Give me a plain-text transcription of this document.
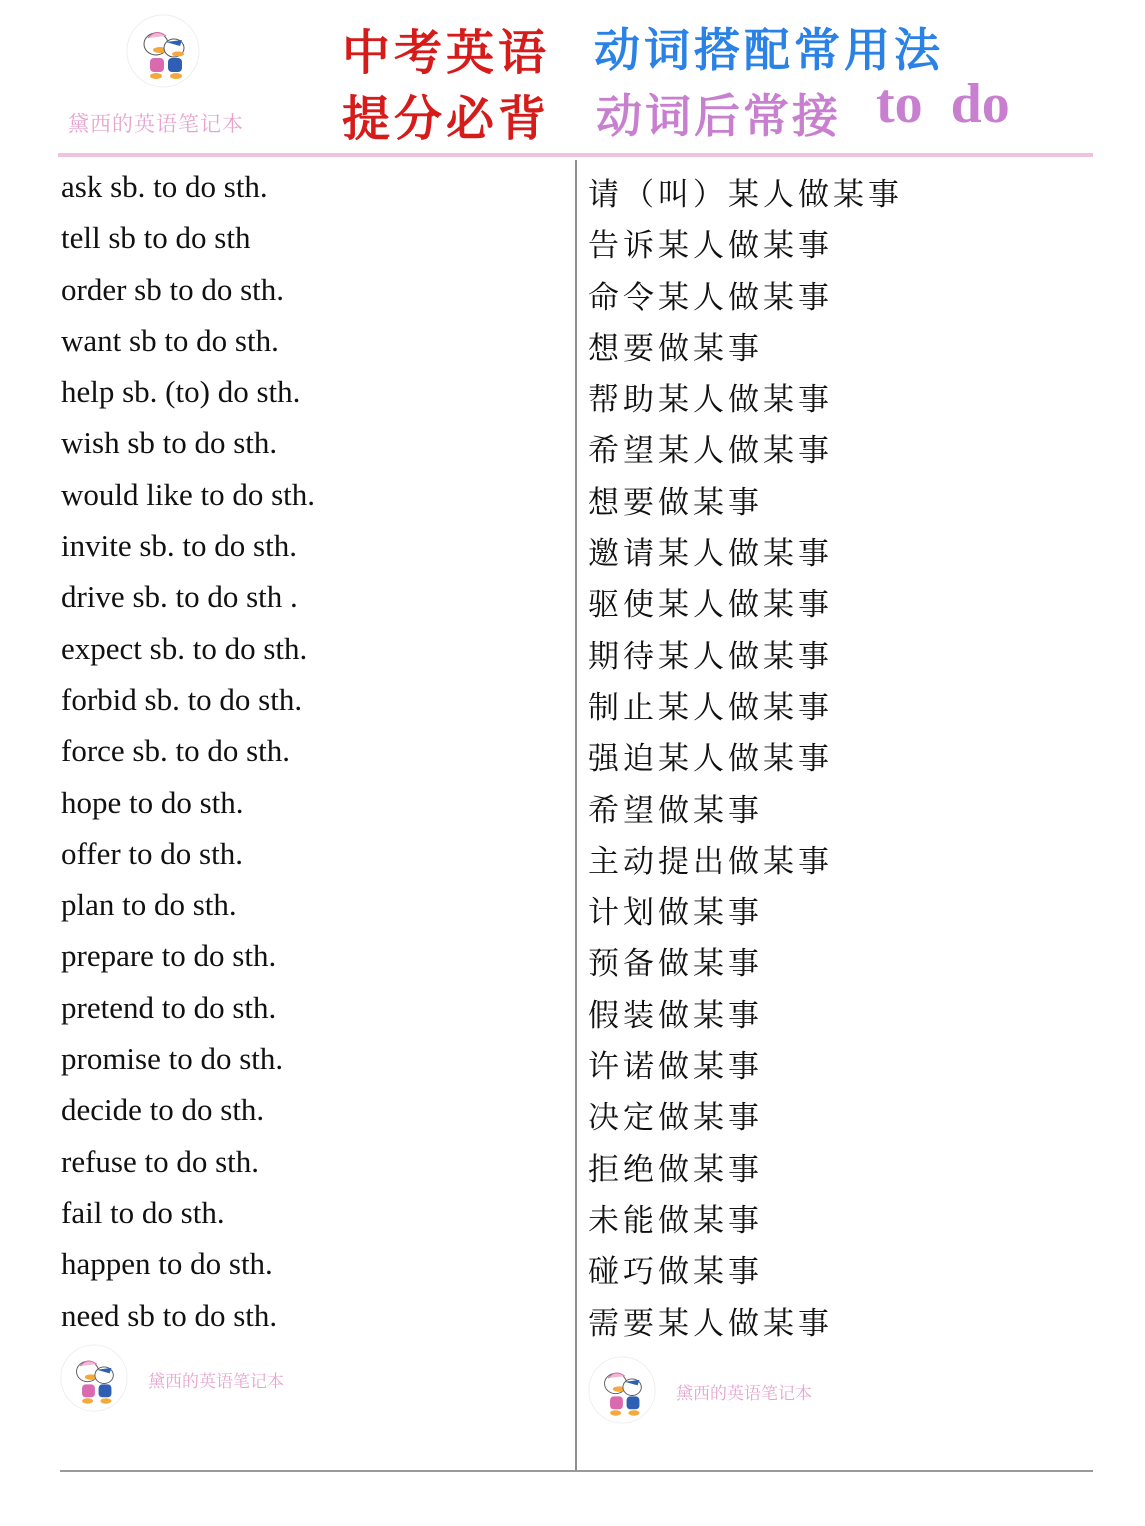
黛西的英语笔记本
中考英语 动词搭配常用法
提分必背 动词后常接 to  do
ask sb. to do sth.
tell sb to do sth
order sb to do sth.
want sb to do sth.
help sb. (to) do sth.
wish sb to do sth.
would like to do sth.
invite sb. to do sth.
drive sb. to do sth .
expect sb. to do sth.
forbid sb. to do sth.
force sb. to do sth.
hope to do sth.
offer to do sth.
plan to do sth.
prepare to do sth.
pretend to do sth.
promise to do sth.
decide to do sth.
refuse to do sth.
fail to do sth.
happen to do sth.
need sb to do sth.
请（叫）某人做某事
告诉某人做某事
命令某人做某事
想要做某事
帮助某人做某事
希望某人做某事
想要做某事
邀请某人做某事
驱使某人做某事
期待某人做某事
制止某人做某事
强迫某人做某事
希望做某事
主动提出做某事
计划做某事
预备做某事
假装做某事
许诺做某事
决定做某事
拒绝做某事
未能做某事
碰巧做某事
需要某人做某事
黛西的英语笔记本
黛西的英语笔记本
